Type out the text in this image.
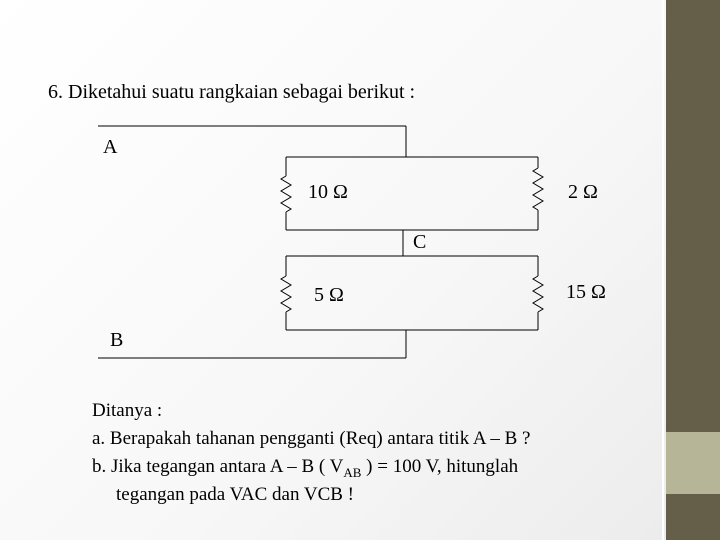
6. Diketahui suatu rangkaian sebagai berikut :
A
10 Ω	2 Ω
C
5 Ω	15 Ω
B
Ditanya :
a. Berapakah tahanan pengganti (Req) antara titik A – B ?
b. Jika tegangan antara A – B ( $V_{AB}$ ) = 100 V, hitunglah
tegangan pada VAC dan VCB !
